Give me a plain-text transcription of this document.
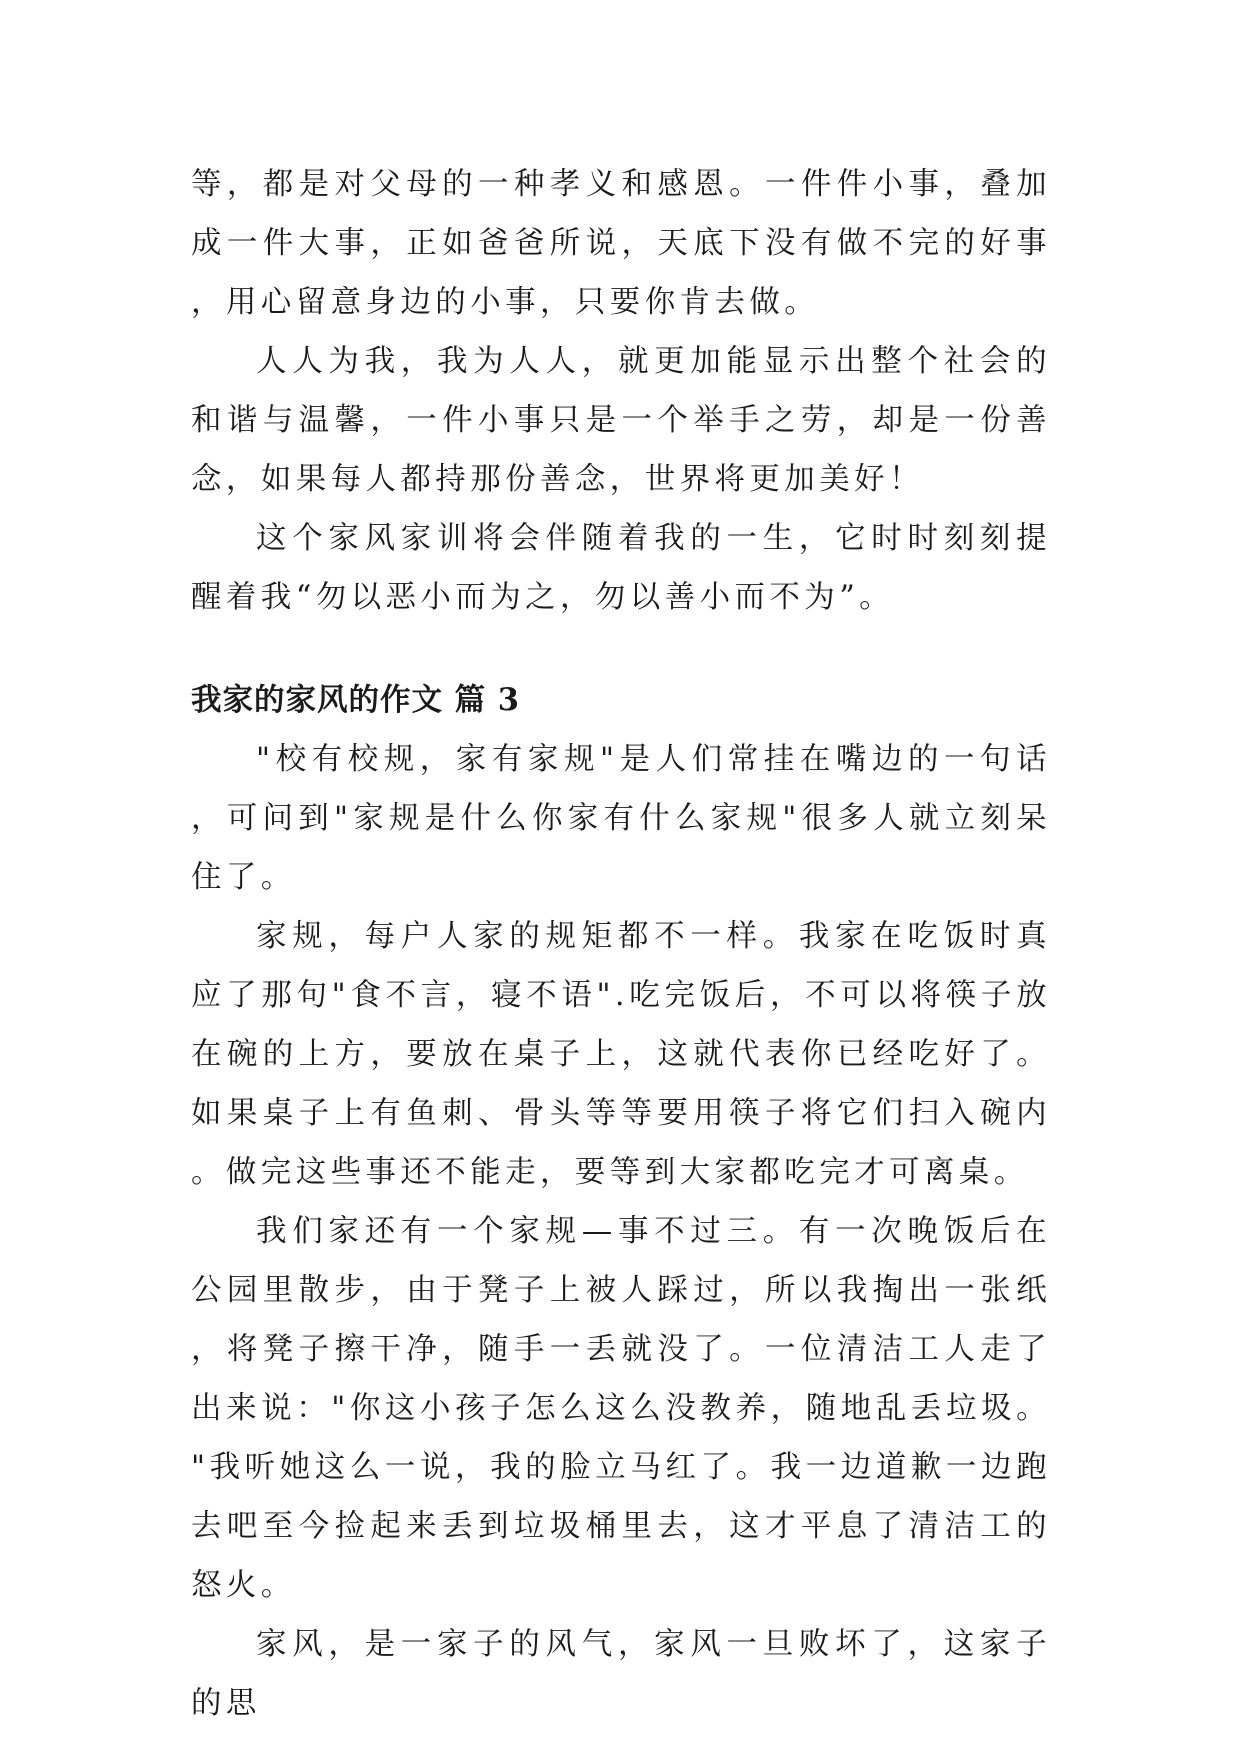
等，都是对父母的一种孝义和感恩。一件件小事，叠加成一件大事，正如爸爸所说，天底下没有做不完的好事，用心留意身边的小事，只要你肯去做。

人人为我，我为人人，就更加能显示出整个社会的和谐与温馨，一件小事只是一个举手之劳，却是一份善念，如果每人都持那份善念，世界将更加美好！

这个家风家训将会伴随着我的一生，它时时刻刻提醒着我“勿以恶小而为之，勿以善小而不为”。

我家的家风的作文 篇 3

"校有校规，家有家规"是人们常挂在嘴边的一句话，可问到"家规是什么你家有什么家规"很多人就立刻呆住了。

家规，每户人家的规矩都不一样。我家在吃饭时真应了那句"食不言，寝不语".吃完饭后，不可以将筷子放在碗的上方，要放在桌子上，这就代表你已经吃好了。如果桌子上有鱼刺、骨头等等要用筷子将它们扫入碗内。做完这些事还不能走，要等到大家都吃完才可离桌。

我们家还有一个家规—事不过三。有一次晚饭后在公园里散步，由于凳子上被人踩过，所以我掏出一张纸，将凳子擦干净，随手一丢就没了。一位清洁工人走了出来说："你这小孩子怎么这么没教养，随地乱丢垃圾。"我听她这么一说，我的脸立马红了。我一边道歉一边跑去吧至今捡起来丢到垃圾桶里去，这才平息了清洁工的怒火。

家风，是一家子的风气，家风一旦败坏了，这家子的思
